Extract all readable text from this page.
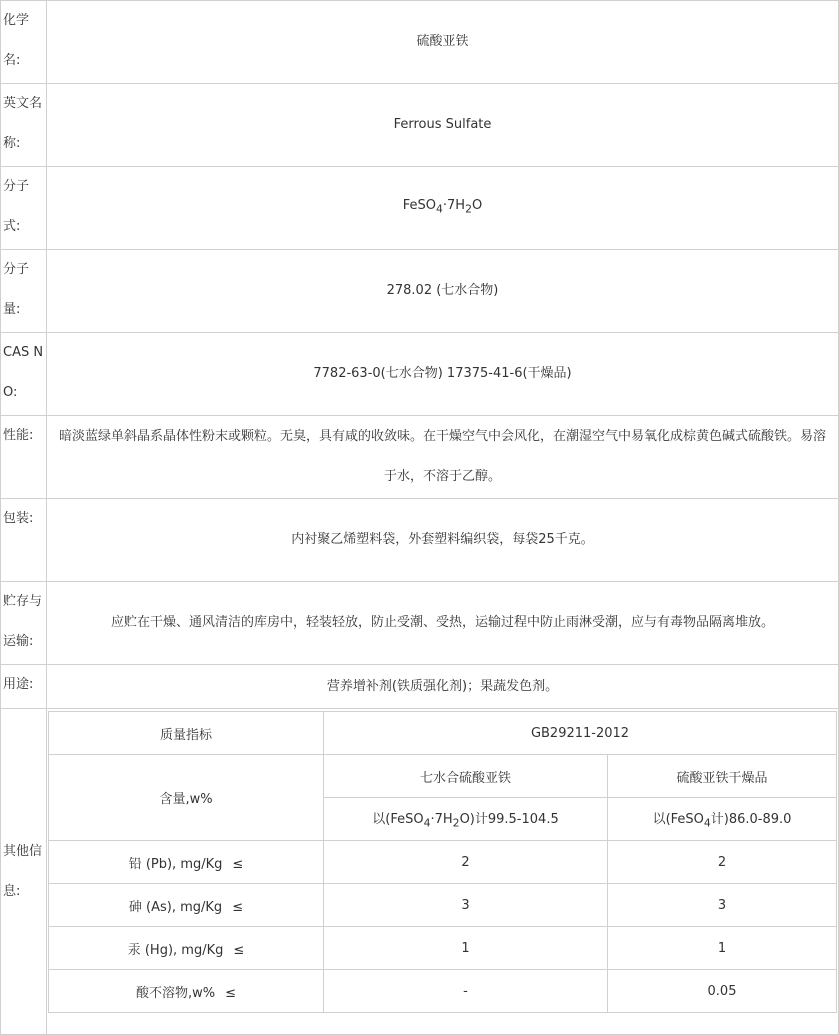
化学名:	硫酸亚铁
英文名称:	Ferrous Sulfate
分子式:	$FeSO_4\cdot 7H_2O$
分子量:	278.02 (七水合物)
CAS NO:	7782-63-0(七水合物) 17375-41-6(干燥品)
性能:	暗淡蓝绿单斜晶系晶体性粉末或颗粒。无臭，具有咸的收敛味。在干燥空气中会风化，在潮湿空气中易氧化成棕黄色碱式硫酸铁。易溶于水，不溶于乙醇。
包装:	内衬聚乙烯塑料袋，外套塑料编织袋，每袋25千克。
贮存与运输:	应贮在干燥、通风清洁的库房中，轻装轻放，防止受潮、受热，运输过程中防止雨淋受潮，应与有毒物品隔离堆放。
用途:	营养增补剂(铁质强化剂)；果蔬发色剂。
其他信息:	
质量指标	GB29211-2012
含量,w%	七水合硫酸亚铁	硫酸亚铁干燥品
以$(FeSO_4\cdot 7H_2O)$计99.5-104.5	以(FeSO$_4$计)86.0-89.0
铅 (Pb), mg/Kg ≤	2	2
砷 (As), mg/Kg ≤	3	3
汞 (Hg), mg/Kg ≤	1	1
酸不溶物,w% ≤	-	0.05
